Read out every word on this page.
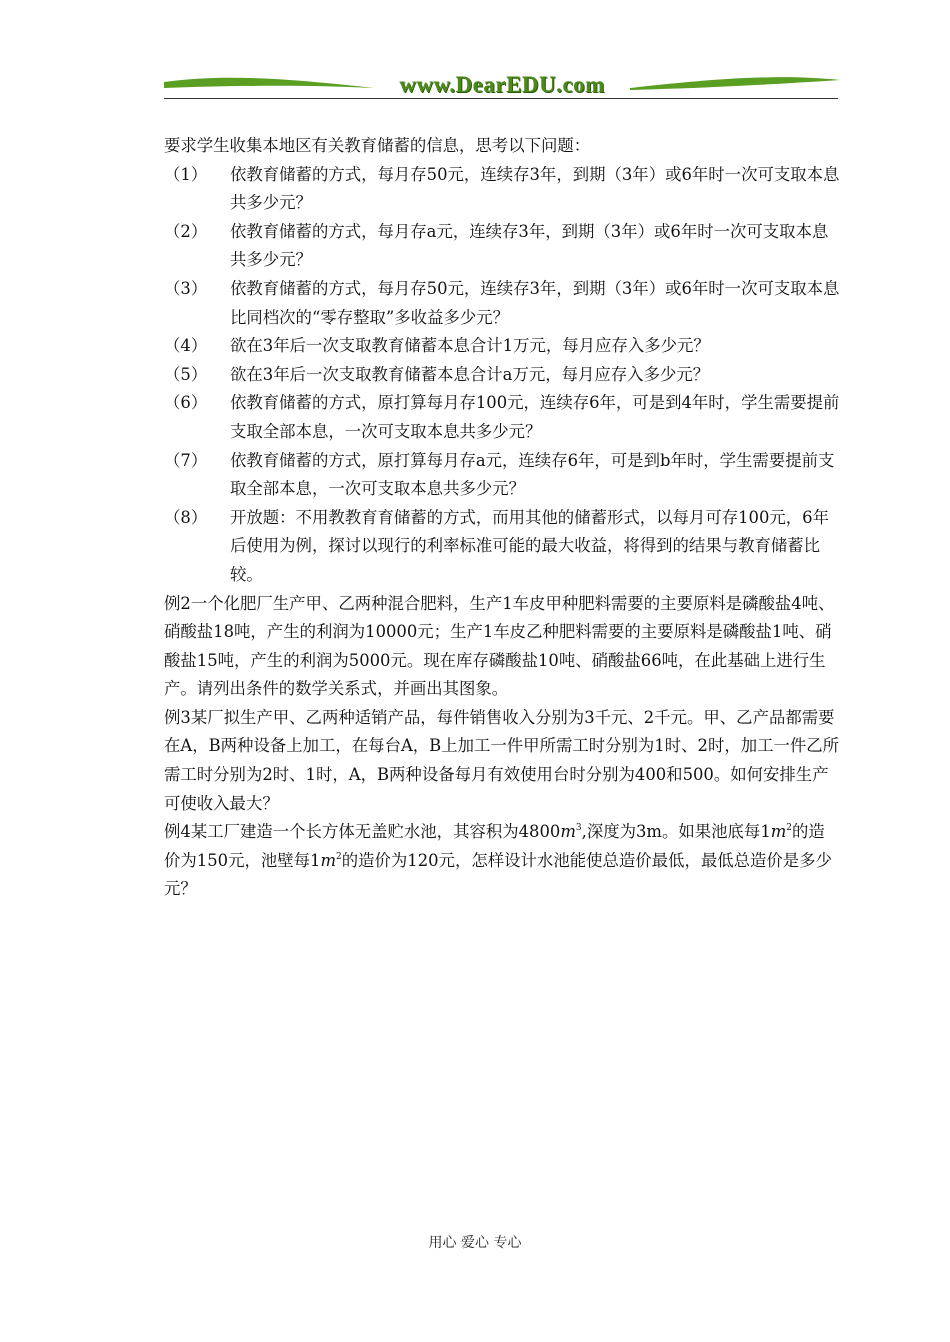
www.DearEDU.com

要求学生收集本地区有关教育储蓄的信息，思考以下问题：

（1）	依教育储蓄的方式，每月存50元，连续存3年，到期（3年）或6年时一次可支取本息共多少元？
（2）	依教育储蓄的方式，每月存a元，连续存3年，到期（3年）或6年时一次可支取本息共多少元？
（3）	依教育储蓄的方式，每月存50元，连续存3年，到期（3年）或6年时一次可支取本息比同档次的“零存整取”多收益多少元？
（4）	欲在3年后一次支取教育储蓄本息合计1万元，每月应存入多少元？
（5）	欲在3年后一次支取教育储蓄本息合计a万元，每月应存入多少元？
（6）	依教育储蓄的方式，原打算每月存100元，连续存6年，可是到4年时，学生需要提前支取全部本息，一次可支取本息共多少元？
（7）	依教育储蓄的方式，原打算每月存a元，连续存6年，可是到b年时，学生需要提前支取全部本息，一次可支取本息共多少元？
（8）	开放题：不用教教育育储蓄的方式，而用其他的储蓄形式，以每月可存100元，6年后使用为例，探讨以现行的利率标准可能的最大收益，将得到的结果与教育储蓄比较。

例2一个化肥厂生产甲、乙两种混合肥料，生产1车皮甲种肥料需要的主要原料是磷酸盐4吨、硝酸盐18吨，产生的利润为10000元；生产1车皮乙种肥料需要的主要原料是磷酸盐1吨、硝酸盐15吨，产生的利润为5000元。现在库存磷酸盐10吨、硝酸盐66吨，在此基础上进行生产。请列出条件的数学关系式，并画出其图象。

例3某厂拟生产甲、乙两种适销产品，每件销售收入分别为3千元、2千元。甲、乙产品都需要在A，B两种设备上加工，在每台A，B上加工一件甲所需工时分别为1时、2时，加工一件乙所需工时分别为2时、1时，A，B两种设备每月有效使用台时分别为400和500。如何安排生产可使收入最大？

例4某工厂建造一个长方体无盖贮水池，其容积为$4800m^3$,深度为3m。如果池底每$1m^2$的造价为150元，池壁每$1m^2$的造价为120元，怎样设计水池能使总造价最低，最低总造价是多少元？

用心 爱心 专心
